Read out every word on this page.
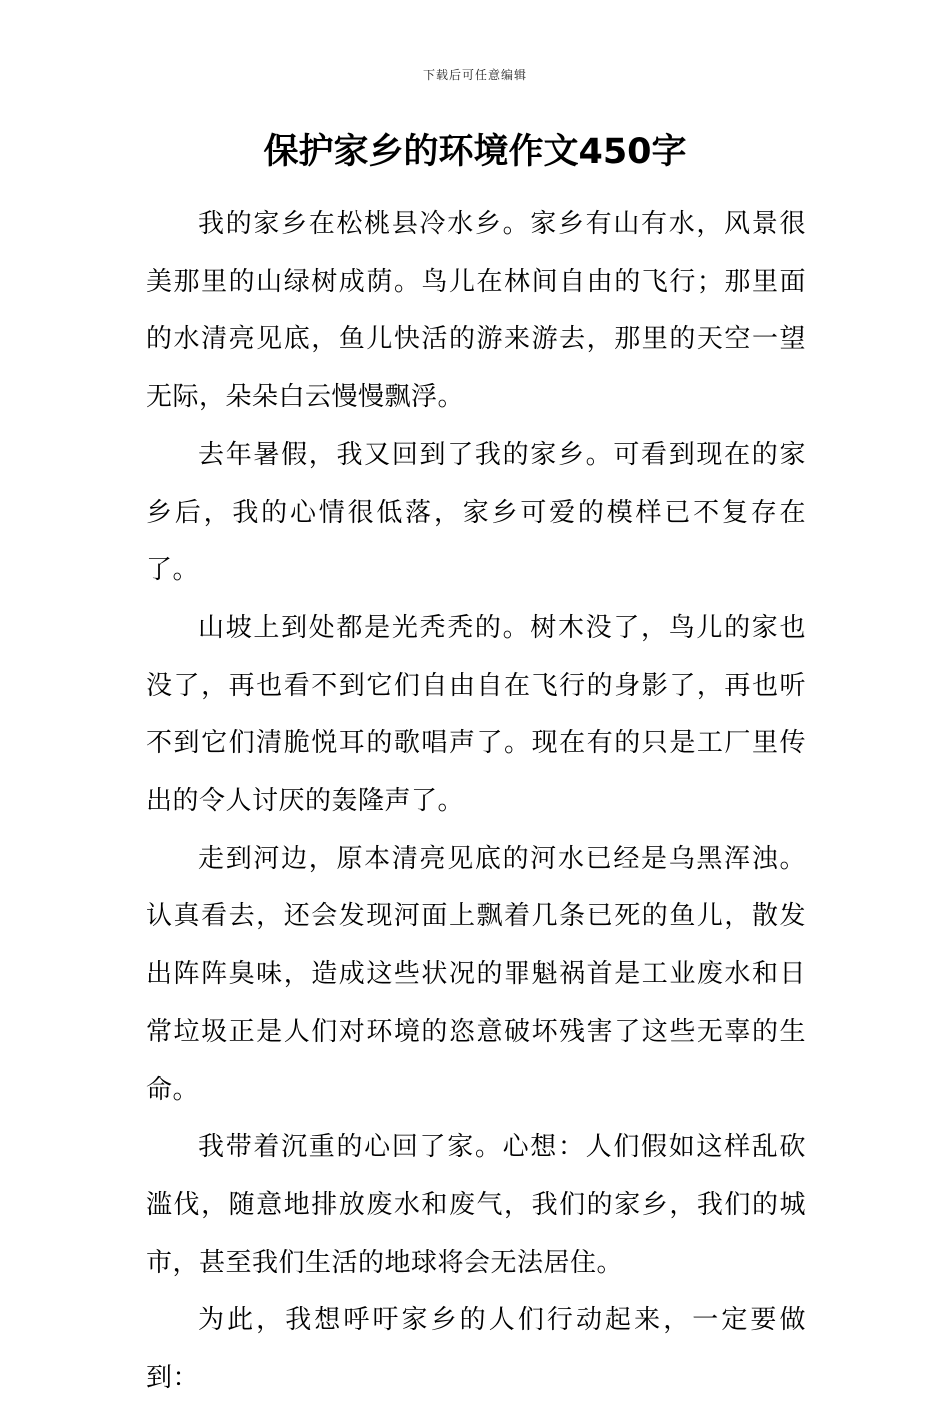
下载后可任意编辑
保护家乡的环境作文450字

我的家乡在松桃县冷水乡。家乡有山有水，风景很美那里的山绿树成荫。鸟儿在林间自由的飞行；那里面的水清亮见底，鱼儿快活的游来游去，那里的天空一望无际，朵朵白云慢慢飘浮。

去年暑假，我又回到了我的家乡。可看到现在的家乡后，我的心情很低落，家乡可爱的模样已不复存在了。

山坡上到处都是光秃秃的。树木没了，鸟儿的家也没了，再也看不到它们自由自在飞行的身影了，再也听不到它们清脆悦耳的歌唱声了。现在有的只是工厂里传出的令人讨厌的轰隆声了。

走到河边，原本清亮见底的河水已经是乌黑浑浊。认真看去，还会发现河面上飘着几条已死的鱼儿，散发出阵阵臭味，造成这些状况的罪魁祸首是工业废水和日常垃圾正是人们对环境的恣意破坏残害了这些无辜的生命。

我带着沉重的心回了家。心想：人们假如这样乱砍滥伐，随意地排放废水和废气，我们的家乡，我们的城市，甚至我们生活的地球将会无法居住。

为此，我想呼吁家乡的人们行动起来，一定要做到：
